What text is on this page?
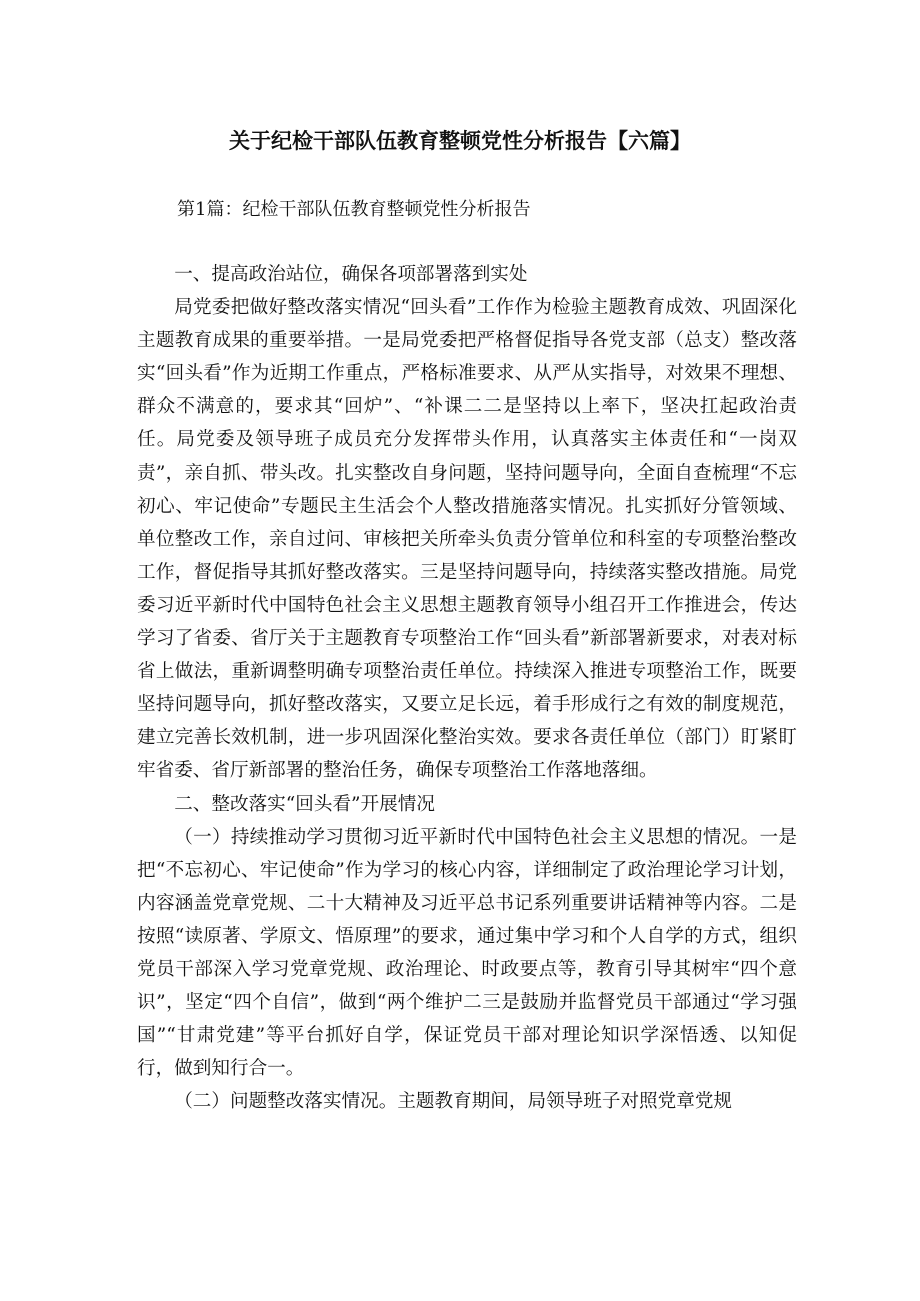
关于纪检干部队伍教育整顿党性分析报告【六篇】

第1篇：纪检干部队伍教育整顿党性分析报告

一、提高政治站位，确保各项部署落到实处

局党委把做好整改落实情况“回头看”工作作为检验主题教育成效、巩固深化主题教育成果的重要举措。一是局党委把严格督促指导各党支部（总支）整改落实“回头看”作为近期工作重点，严格标准要求、从严从实指导，对效果不理想、群众不满意的，要求其“回炉”、“补课二二是坚持以上率下，坚决扛起政治责任。局党委及领导班子成员充分发挥带头作用，认真落实主体责任和“一岗双责”，亲自抓、带头改。扎实整改自身问题，坚持问题导向，全面自查梳理“不忘初心、牢记使命”专题民主生活会个人整改措施落实情况。扎实抓好分管领域、单位整改工作，亲自过问、审核把关所牵头负责分管单位和科室的专项整治整改工作，督促指导其抓好整改落实。三是坚持问题导向，持续落实整改措施。局党委习近平新时代中国特色社会主义思想主题教育领导小组召开工作推进会，传达学习了省委、省厅关于主题教育专项整治工作“回头看”新部署新要求，对表对标省上做法，重新调整明确专项整治责任单位。持续深入推进专项整治工作，既要坚持问题导向，抓好整改落实，又要立足长远，着手形成行之有效的制度规范，建立完善长效机制，进一步巩固深化整治实效。要求各责任单位（部门）盯紧盯牢省委、省厅新部署的整治任务，确保专项整治工作落地落细。

二、整改落实“回头看”开展情况

（一）持续推动学习贯彻习近平新时代中国特色社会主义思想的情况。一是把“不忘初心、牢记使命”作为学习的核心内容，详细制定了政治理论学习计划，内容涵盖党章党规、二十大精神及习近平总书记系列重要讲话精神等内容。二是按照“读原著、学原文、悟原理”的要求，通过集中学习和个人自学的方式，组织党员干部深入学习党章党规、政治理论、时政要点等，教育引导其树牢“四个意识”，坚定“四个自信”，做到“两个维护二三是鼓励并监督党员干部通过“学习强国”“甘肃党建”等平台抓好自学，保证党员干部对理论知识学深悟透、以知促行，做到知行合一。

（二）问题整改落实情况。主题教育期间，局领导班子对照党章党规
